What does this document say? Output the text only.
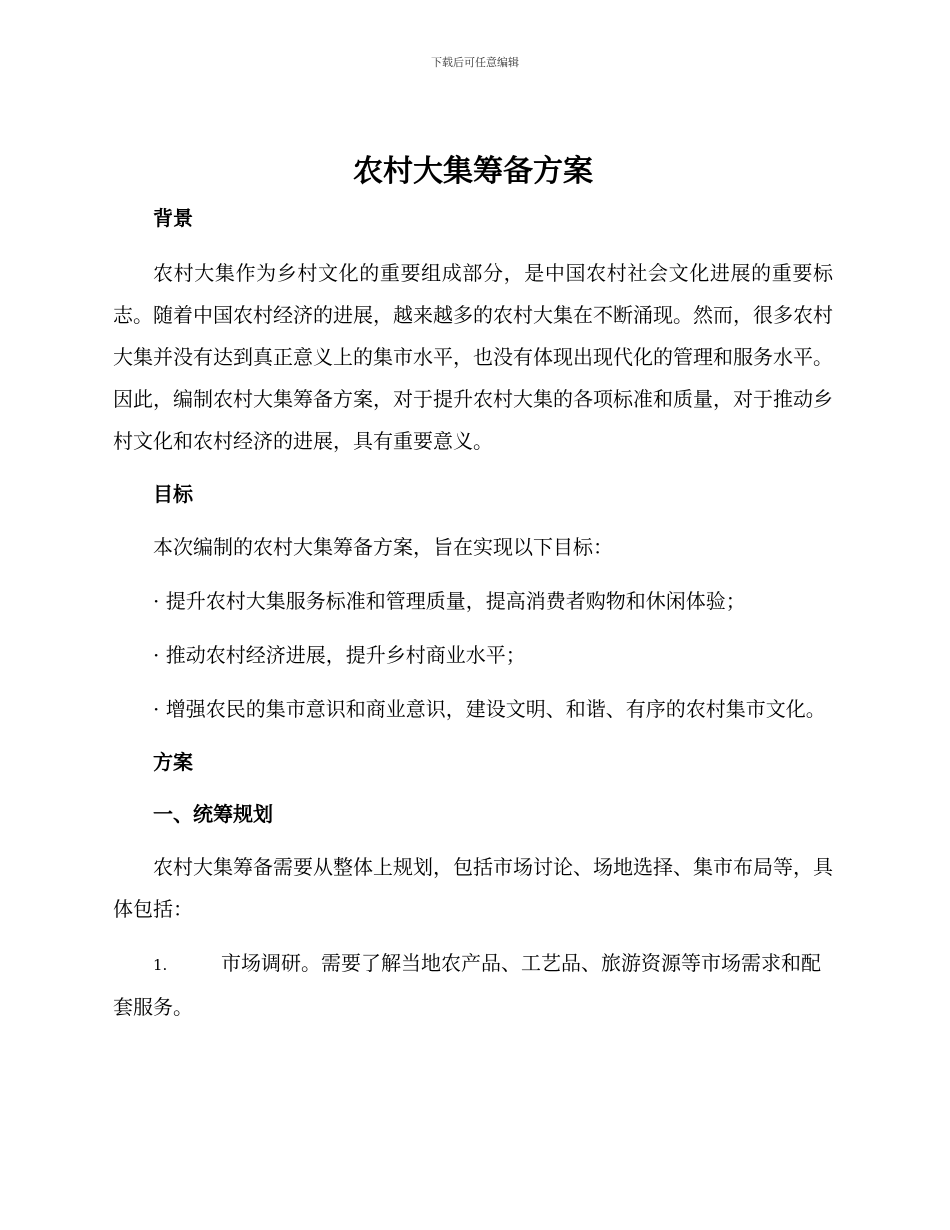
下载后可任意编辑
农村大集筹备方案

背景

农村大集作为乡村文化的重要组成部分，是中国农村社会文化进展的重要标志。随着中国农村经济的进展，越来越多的农村大集在不断涌现。然而，很多农村大集并没有达到真正意义上的集市水平，也没有体现出现代化的管理和服务水平。因此，编制农村大集筹备方案，对于提升农村大集的各项标准和质量，对于推动乡村文化和农村经济的进展，具有重要意义。

目标

本次编制的农村大集筹备方案，旨在实现以下目标：

· 提升农村大集服务标准和管理质量，提高消费者购物和休闲体验；

· 推动农村经济进展，提升乡村商业水平；

· 增强农民的集市意识和商业意识，建设文明、和谐、有序的农村集市文化。

方案

一、统筹规划

农村大集筹备需要从整体上规划，包括市场讨论、场地选择、集市布局等，具体包括：

1.	市场调研。需要了解当地农产品、工艺品、旅游资源等市场需求和配套服务。
